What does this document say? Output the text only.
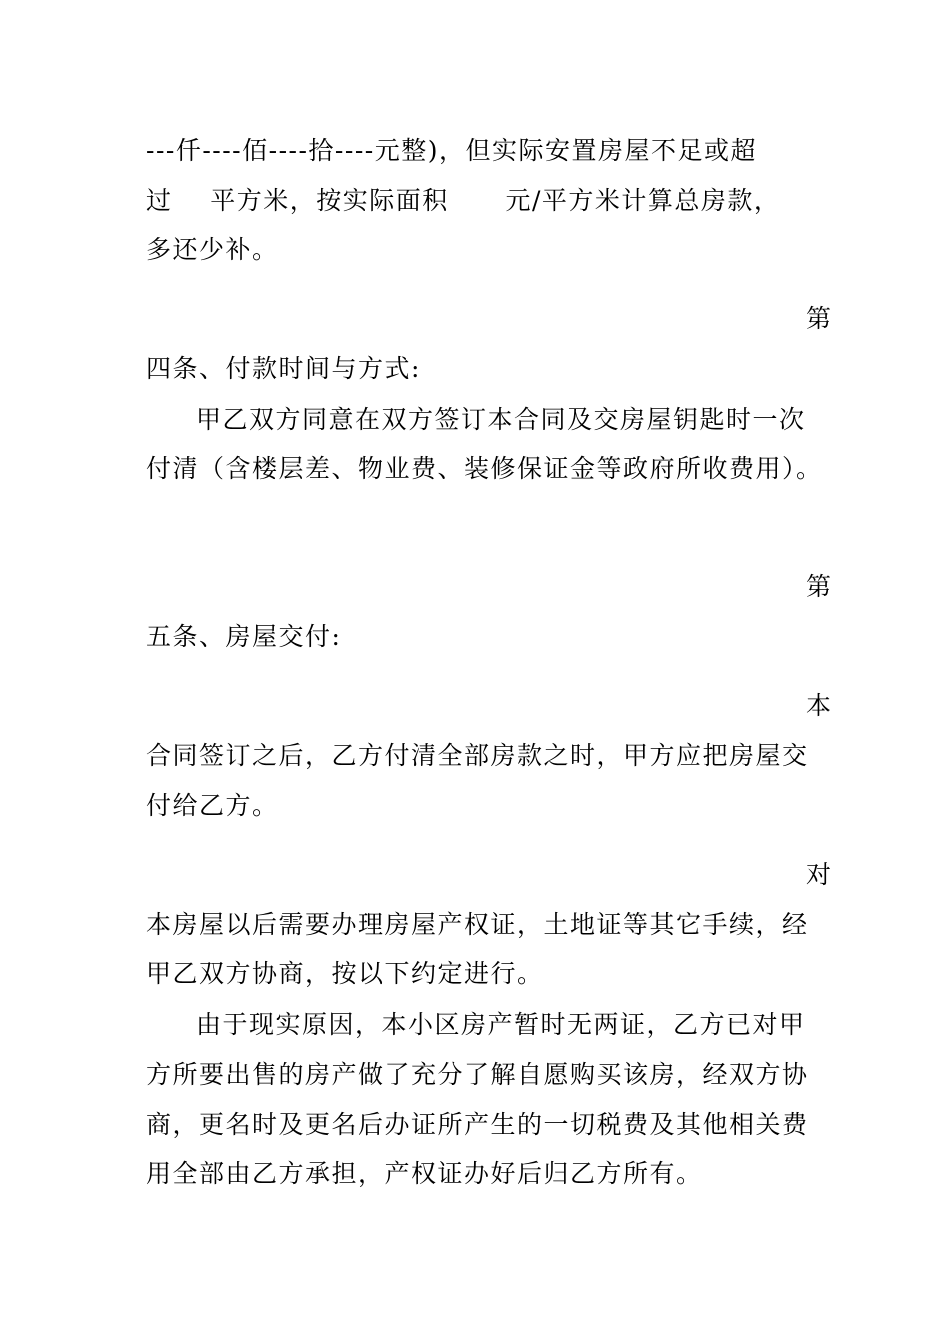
---仟----佰----拾----元整)，但实际安置房屋不足或超
过    平方米，按实际面积      元/平方米计算总房款，
多还少补。
第
四条、付款时间与方式:
甲乙双方同意在双方签订本合同及交房屋钥匙时一次
付清（含楼层差、物业费、装修保证金等政府所收费用）。
第
五条、房屋交付:
本
合同签订之后，乙方付清全部房款之时，甲方应把房屋交
付给乙方。
对
本房屋以后需要办理房屋产权证，土地证等其它手续，经
甲乙双方协商，按以下约定进行。
由于现实原因，本小区房产暂时无两证，乙方已对甲
方所要出售的房产做了充分了解自愿购买该房，经双方协
商，更名时及更名后办证所产生的一切税费及其他相关费
用全部由乙方承担，产权证办好后归乙方所有。
